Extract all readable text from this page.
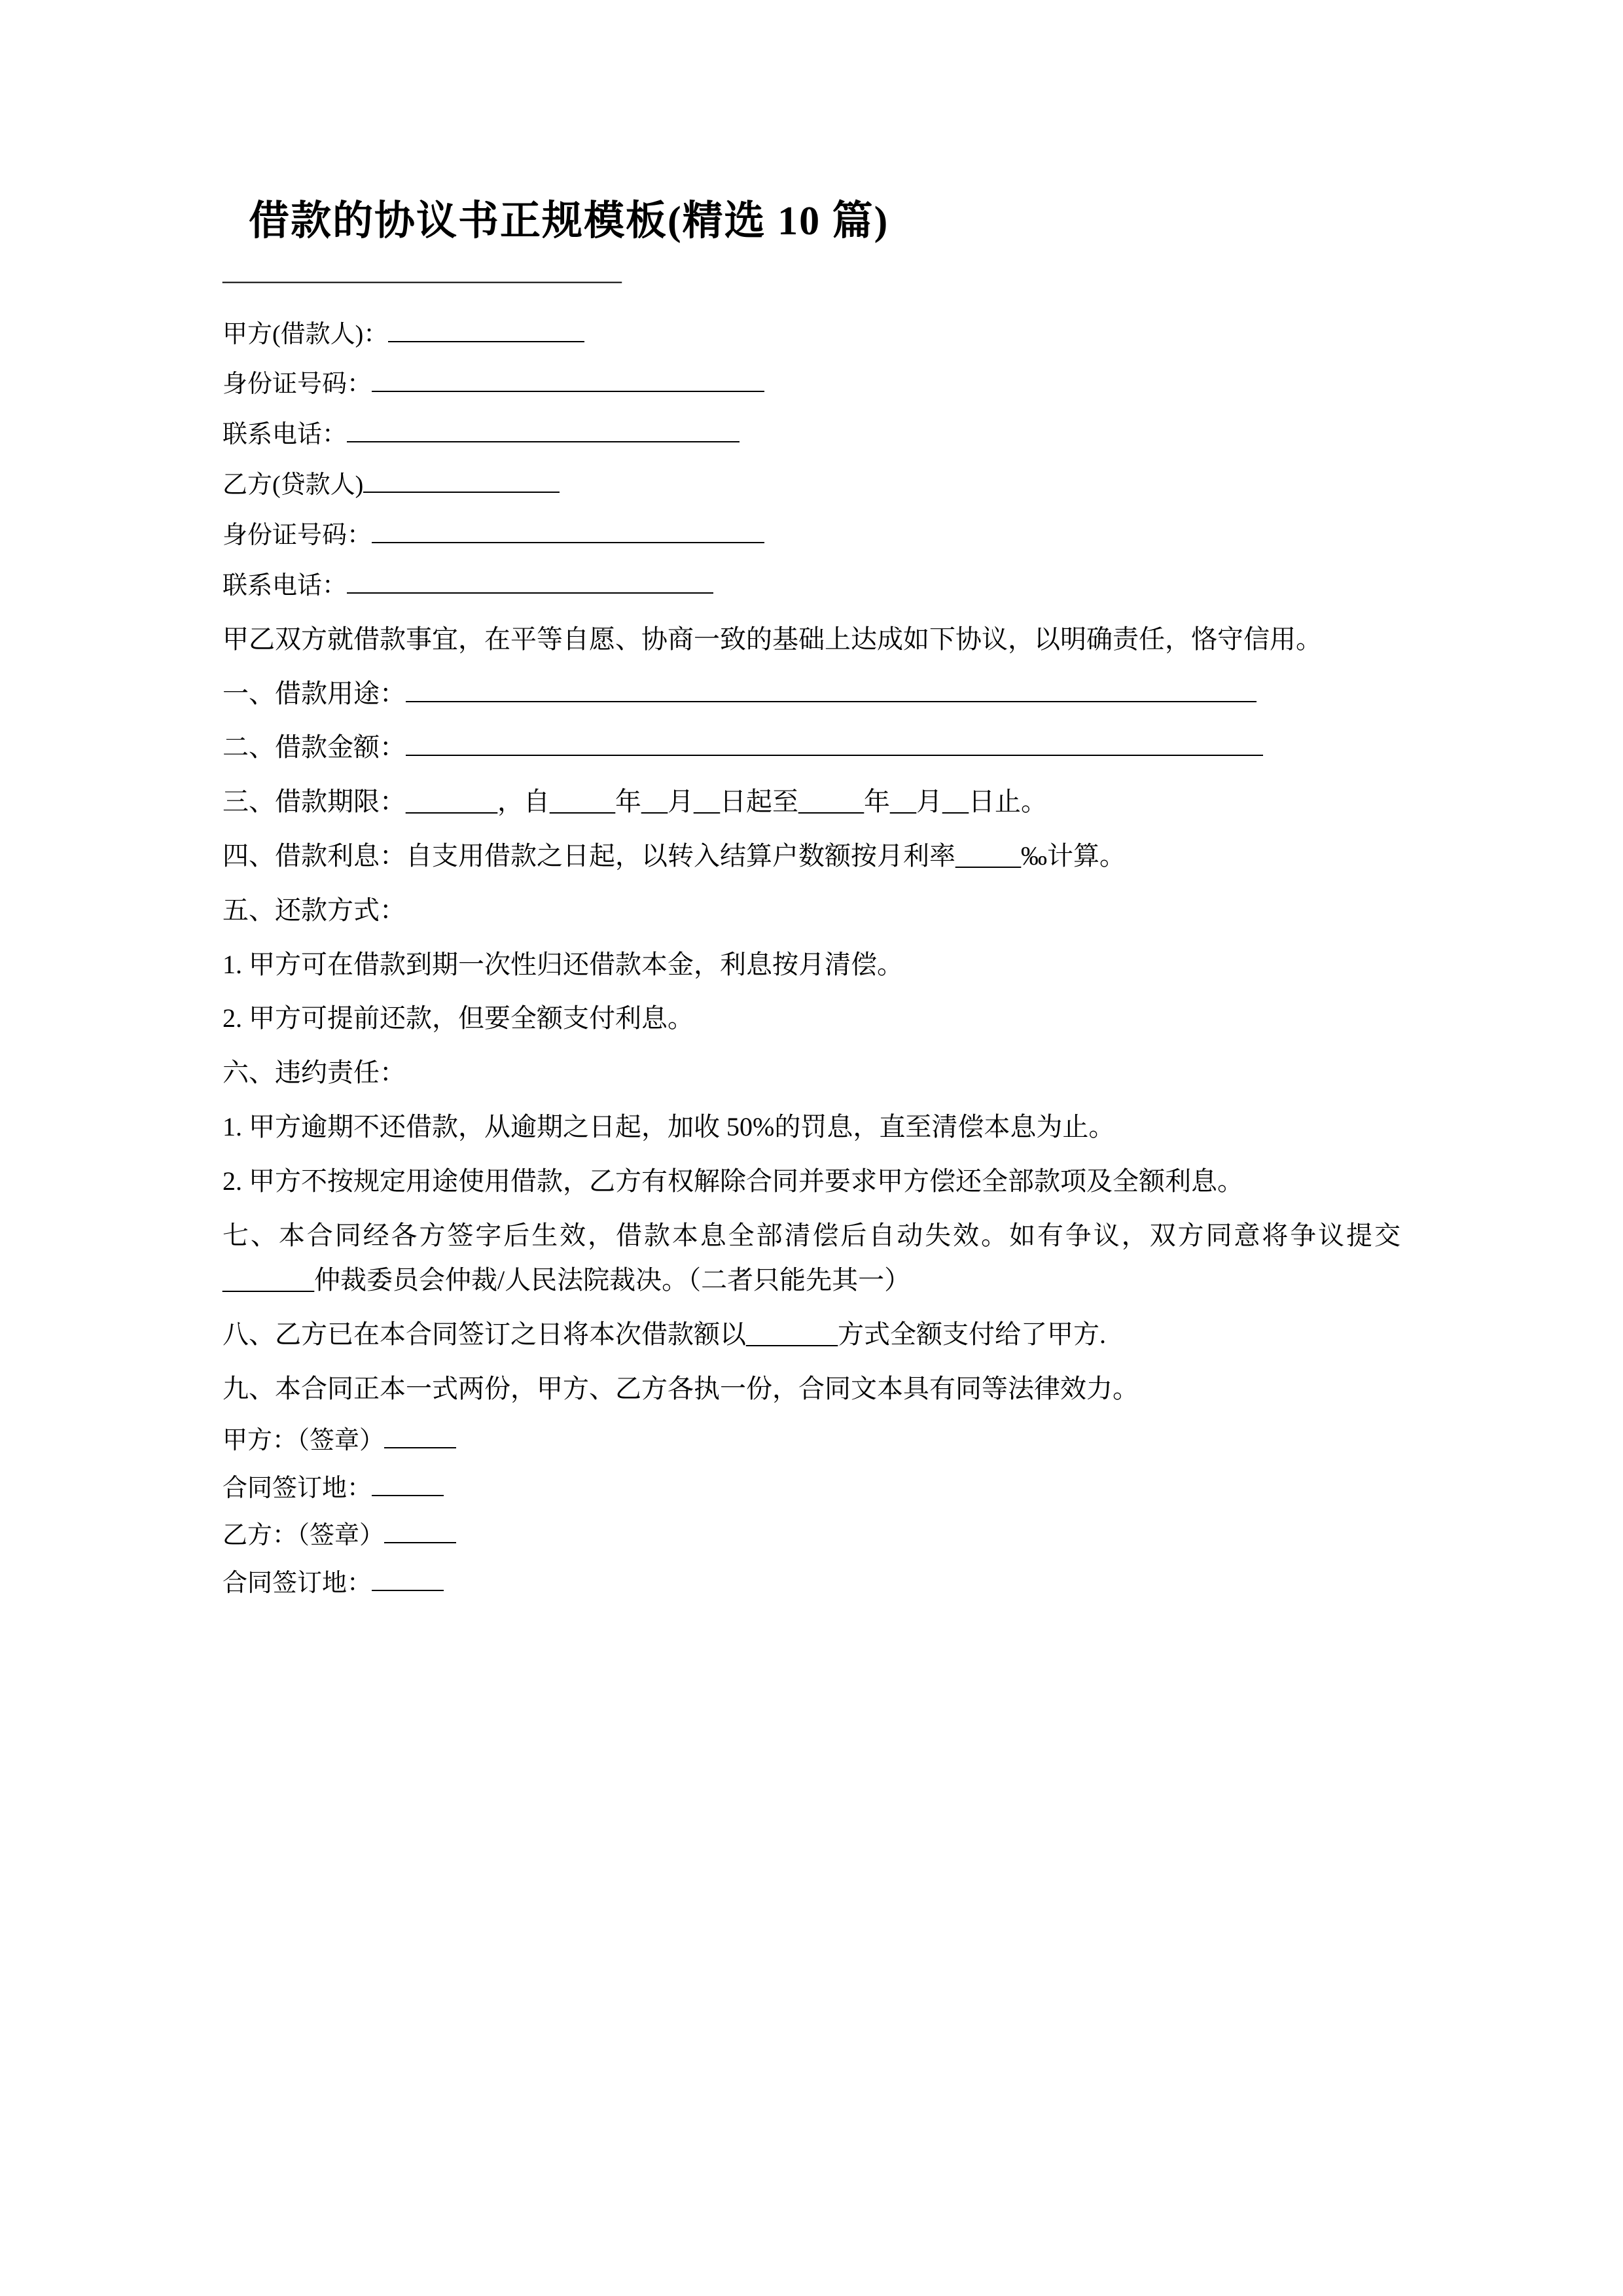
借款的协议书正规模板(精选 10 篇)
————————————————
甲方(借款人)：
身份证号码：
联系电话：
乙方(贷款人)
身份证号码：
联系电话：

甲乙双方就借款事宜，在平等自愿、协商一致的基础上达成如下协议，以明确责任，恪守信用。

一、借款用途：

二、借款金额：

三、借款期限：_______，自_____年__月__日起至_____年__月__日止。

四、借款利息：自支用借款之日起，以转入结算户数额按月利率_____‰计算。

五、还款方式：

1. 甲方可在借款到期一次性归还借款本金，利息按月清偿。

2. 甲方可提前还款，但要全额支付利息。

六、违约责任：

1. 甲方逾期不还借款，从逾期之日起，加收 50%的罚息，直至清偿本息为止。

2. 甲方不按规定用途使用借款，乙方有权解除合同并要求甲方偿还全部款项及全额利息。

七、本合同经各方签字后生效，借款本息全部清偿后自动失效。如有争议，双方同意将争议提交_______仲裁委员会仲裁/人民法院裁决。（二者只能先其一）

八、乙方已在本合同签订之日将本次借款额以_______方式全额支付给了甲方.

九、本合同正本一式两份，甲方、乙方各执一份，合同文本具有同等法律效力。

甲方：（签章）
合同签订地：
乙方：（签章）
合同签订地：
